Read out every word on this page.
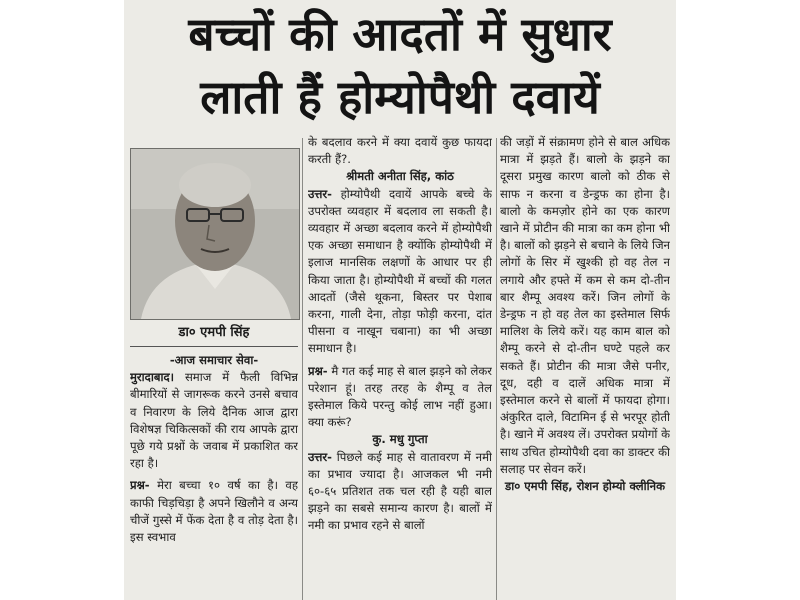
बच्चों की आदतों में सुधार
लाती हैं होम्योपैथी दवायें
डा० एमपी सिंह

-आज समाचार सेवा-

मुरादाबाद। समाज में फैली विभिन्न बीमारियों से जागरूक करने उनसे बचाव व निवारण के लिये दैनिक आज द्वारा विशेषज्ञ चिकित्सकों की राय आपके द्वारा पूछे गये प्रश्नों के जवाब में प्रकाशित कर रहा है।

प्रश्न- मेरा बच्चा १० वर्ष का है। वह काफी चिड़चिड़ा है अपने खिलौने व अन्य चीजें गुस्से में फेंक देता है व तोड़ देता है। इस स्वभाव

के बदलाव करने में क्या दवायें कुछ फायदा करती हैं?.

श्रीमती अनीता सिंह, कांठ

उत्तर- होम्योपैथी दवायें आपके बच्चे के उपरोक्त व्यवहार में बदलाव ला सकती है। व्यवहार में अच्छा बदलाव करने में होम्योपैथी एक अच्छा समाधान है क्योंकि होम्योपैथी में इलाज मानसिक लक्षणों के आधार पर ही किया जाता है। होम्योपैथी में बच्चों की गलत आदतों (जैसे थूकना, बिस्तर पर पेशाब करना, गाली देना, तोड़ा फोड़ी करना, दांत पीसना व नाखून चबाना) का भी अच्छा समाधान है।

प्रश्न- मै गत कई माह से बाल झड़ने को लेकर परेशान हूं। तरह तरह के शैम्पू व तेल इस्तेमाल किये परन्तु कोई लाभ नहीं हुआ। क्या करूं?

कु. मधु गुप्ता

उत्तर- पिछले कई माह से वातावरण में नमी का प्रभाव ज्यादा है। आजकल भी नमी ६०-६५ प्रतिशत तक चल रही है यही बाल झड़ने का सबसे समान्य कारण है। बालों में नमी का प्रभाव रहने से बालों

की जड़ों में संक्रामण होने से बाल अधिक मात्रा में झड़ते हैं। बालो के झड़ने का दूसरा प्रमुख कारण बालो को ठीक से साफ न करना व डेन्ड्रफ का होना है। बालो के कमज़ोर होने का एक कारण खाने में प्रोटीन की मात्रा का कम होना भी है। बालों को झड़ने से बचाने के लिये जिन लोगों के सिर में खुश्की हो वह तेल न लगाये और हफ्ते में कम से कम दो-तीन बार शैम्पू अवश्य करें। जिन लोगों के डेन्ड्रफ न हो वह तेल का इस्तेमाल सिर्फ मालिश के लिये करें। यह काम बाल को शैम्पू करने से दो-तीन घण्टे पहले कर सकते हैं। प्रोटीन की मात्रा जैसे पनीर, दूध, दही व दालें अधिक मात्रा में इस्तेमाल करने से बालों में फायदा होगा। अंकुरित दाले, विटामिन ई से भरपूर होती है। खाने में अवश्य लें। उपरोक्त प्रयोगों के साथ उचित होम्योपैथी दवा का डाक्टर की सलाह पर सेवन करें।

डा० एमपी सिंह, रोशन होम्यो क्लीनिक
